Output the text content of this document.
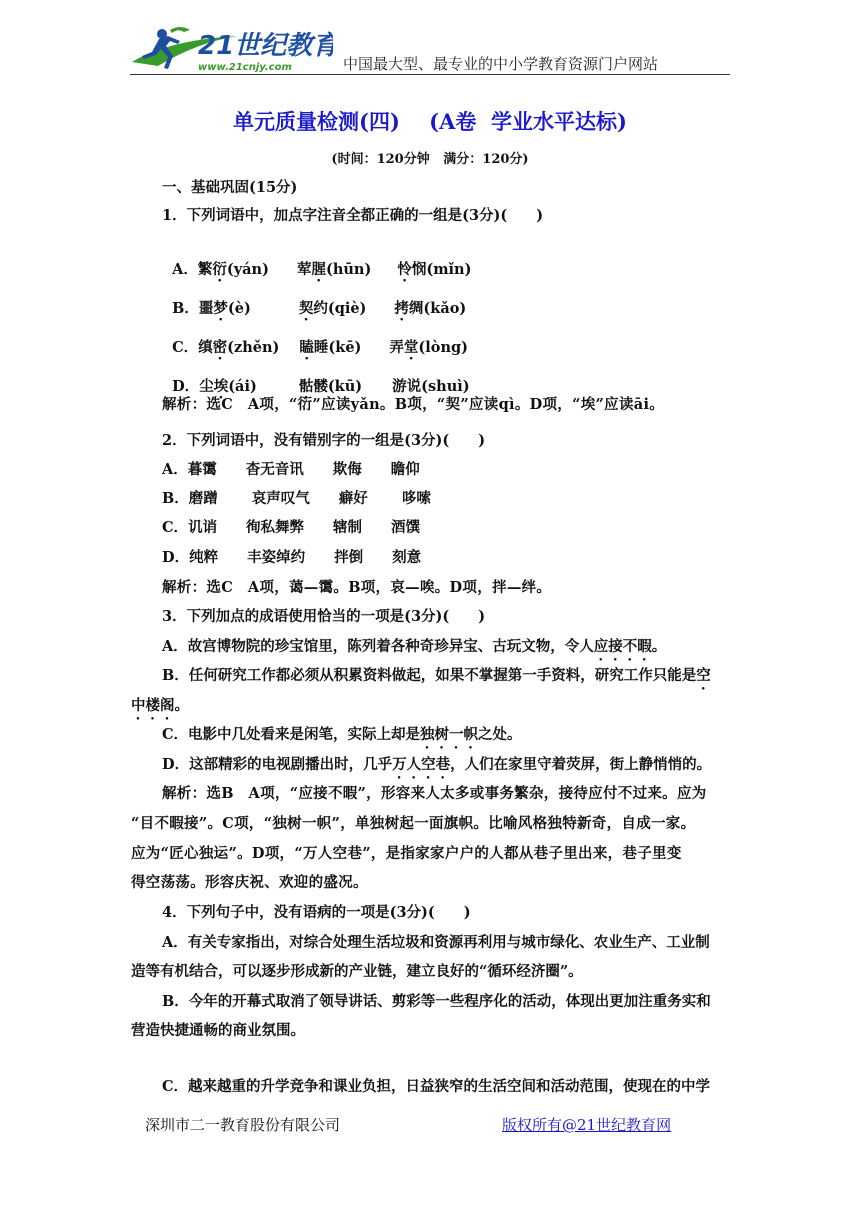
21世纪教育
www.21cnjy.com	中国最大型、最专业的中小学教育资源门户网站
单元质量检测(四)    (A卷  学业水平达标)
(时间：120分钟   满分：120分)
一、基础巩固(15分)
1．下列词语中，加点字注音全都正确的一组是(3分)(　　)

A．繁衍(yán) 荤腥(hūn) 怜悯(mǐn)

B．噩梦(è)	契约(qiè) 拷绸(kǎo)

C．缜密(zhěn) 瞌睡(kē) 弄堂(lòng)

D．尘埃(ái)	骷髅(kū) 游说(shuì)

解析：选C　A项，“衍”应读yǎn。B项，“契”应读qì。D项，“埃”应读āi。
2．下列词语中，没有错别字的一组是(3分)(　　)
A．暮霭　　杳无音讯　　欺侮　　瞻仰
B．磨蹭　　 哀声叹气　　癖好　　 哆嗦
C．讥诮　　徇私舞弊　　辖制　　酒馔
D．纯粹　　丰姿绰约　　拌倒　　刻意
解析：选C　A项，蔼—霭。B项，哀—唉。D项，拌—绊。
3．下列加点的成语使用恰当的一项是(3分)(　　)
A．故宫博物院的珍宝馆里，陈列着各种奇珍异宝、古玩文物，令人应接不暇。
B．任何研究工作都必须从积累资料做起，如果不掌握第一手资料，研究工作只能是空
中楼阁。
C．电影中几处看来是闲笔，实际上却是独树一帜之处。
D．这部精彩的电视剧播出时，几乎万人空巷，人们在家里守着荧屏，街上静悄悄的。
解析：选B　A项，“应接不暇”，形容来人太多或事务繁杂，接待应付不过来。应为
“目不暇接”。C项，“独树一帜”，单独树起一面旗帜。比喻风格独特新奇，自成一家。
应为“匠心独运”。D项，“万人空巷”，是指家家户户的人都从巷子里出来，巷子里变
得空荡荡。形容庆祝、欢迎的盛况。
4．下列句子中，没有语病的一项是(3分)(　　)
A．有关专家指出，对综合处理生活垃圾和资源再利用与城市绿化、农业生产、工业制
造等有机结合，可以逐步形成新的产业链，建立良好的“循环经济圈”。
B．今年的开幕式取消了领导讲话、剪彩等一些程序化的活动，体现出更加注重务实和
营造快捷通畅的商业氛围。
C．越来越重的升学竞争和课业负担，日益狭窄的生活空间和活动范围，使现在的中学
深圳市二一教育股份有限公司	版权所有@21世纪教育网
